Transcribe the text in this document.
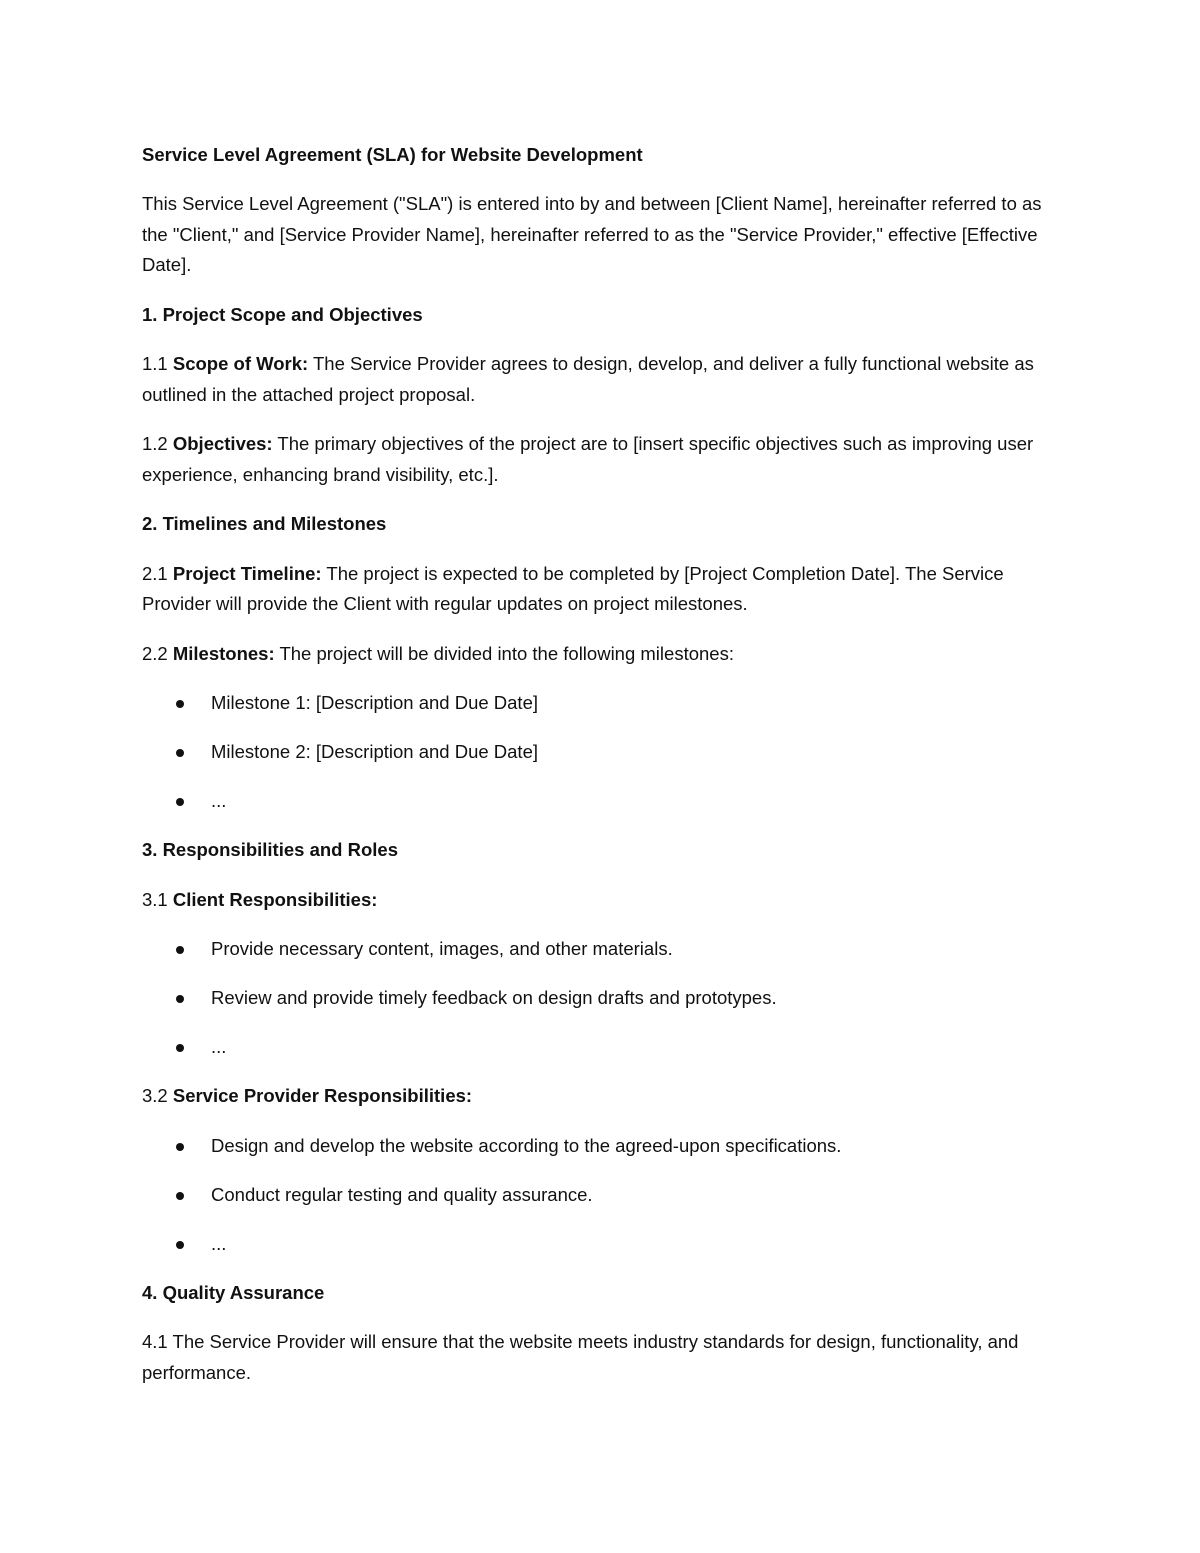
Service Level Agreement (SLA) for Website Development

This Service Level Agreement ("SLA") is entered into by and between [Client Name], hereinafter referred to as the "Client," and [Service Provider Name], hereinafter referred to as the "Service Provider," effective [Effective Date].

1. Project Scope and Objectives

1.1 Scope of Work: The Service Provider agrees to design, develop, and deliver a fully functional website as outlined in the attached project proposal.

1.2 Objectives: The primary objectives of the project are to [insert specific objectives such as improving user experience, enhancing brand visibility, etc.].

2. Timelines and Milestones

2.1 Project Timeline: The project is expected to be completed by [Project Completion Date]. The Service Provider will provide the Client with regular updates on project milestones.

2.2 Milestones: The project will be divided into the following milestones:

Milestone 1: [Description and Due Date]
Milestone 2: [Description and Due Date]
...
3. Responsibilities and Roles

3.1 Client Responsibilities:

Provide necessary content, images, and other materials.
Review and provide timely feedback on design drafts and prototypes.
...

3.2 Service Provider Responsibilities:

Design and develop the website according to the agreed-upon specifications.
Conduct regular testing and quality assurance.
...
4. Quality Assurance

4.1 The Service Provider will ensure that the website meets industry standards for design, functionality, and performance.
